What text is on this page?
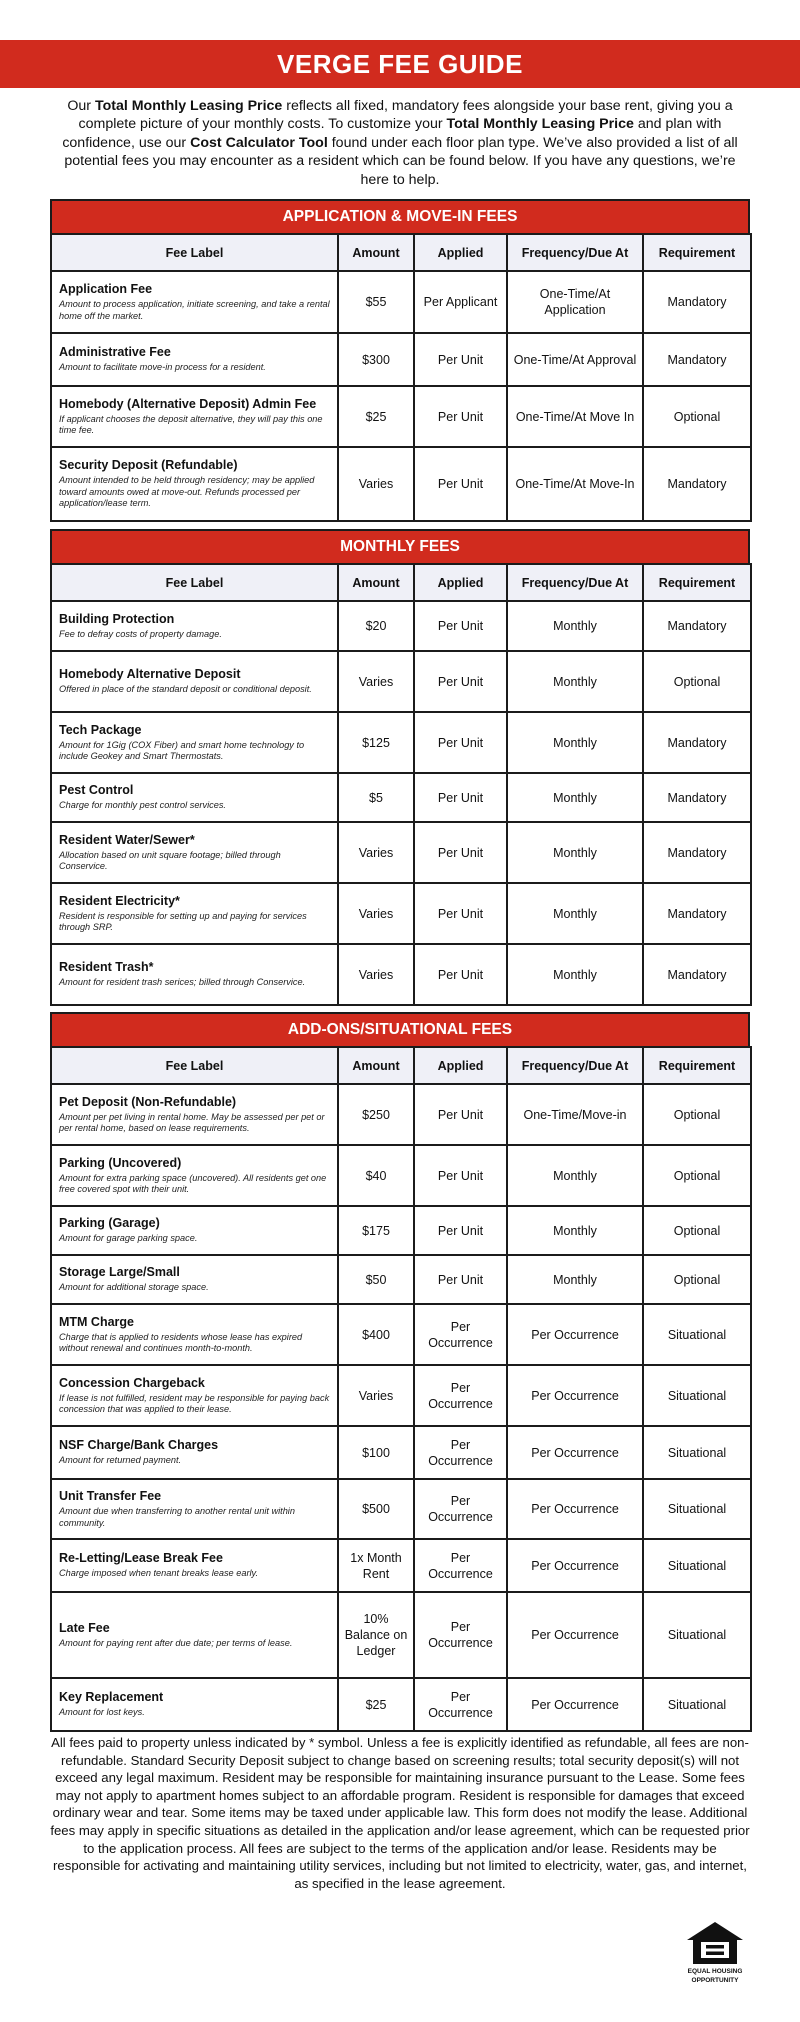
VERGE FEE GUIDE
Our Total Monthly Leasing Price reflects all fixed, mandatory fees alongside your base rent, giving you a complete picture of your monthly costs. To customize your Total Monthly Leasing Price and plan with confidence, use our Cost Calculator Tool found under each floor plan type. We’ve also provided a list of all potential fees you may encounter as a resident which can be found below. If you have any questions, we’re here to help.
APPLICATION & MOVE-IN FEES
Fee Label	Amount	Applied	Frequency/Due At	Requirement

Application Fee
Amount to process application, initiate screening, and take a rental home off the market.	$55	Per Applicant	One-Time/At Application	Mandatory

Administrative Fee
Amount to facilitate move-in process for a resident.	$300	Per Unit	One-Time/At Approval	Mandatory

Homebody (Alternative Deposit) Admin Fee
If applicant chooses the deposit alternative, they will pay this one time fee.	$25	Per Unit	One-Time/At Move In	Optional

Security Deposit (Refundable)
Amount intended to be held through residency; may be applied toward amounts owed at move-out. Refunds processed per application/lease term.	Varies	Per Unit	One-Time/At Move-In	Mandatory
MONTHLY FEES
Fee Label	Amount	Applied	Frequency/Due At	Requirement

Building Protection
Fee to defray costs of property damage.	$20	Per Unit	Monthly	Mandatory

Homebody Alternative Deposit
Offered in place of the standard deposit or conditional deposit.	Varies	Per Unit	Monthly	Optional

Tech Package
Amount for 1Gig (COX Fiber) and smart home technology to include Geokey and Smart Thermostats.	$125	Per Unit	Monthly	Mandatory

Pest Control
Charge for monthly pest control services.	$5	Per Unit	Monthly	Mandatory

Resident Water/Sewer*
Allocation based on unit square footage; billed through Conservice.	Varies	Per Unit	Monthly	Mandatory

Resident Electricity*
Resident is responsible for setting up and paying for services through SRP.	Varies	Per Unit	Monthly	Mandatory

Resident Trash*
Amount for resident trash serices; billed through Conservice.	Varies	Per Unit	Monthly	Mandatory
ADD-ONS/SITUATIONAL FEES
Fee Label	Amount	Applied	Frequency/Due At	Requirement

Pet Deposit (Non-Refundable)
Amount per pet living in rental home. May be assessed per pet or per rental home, based on lease requirements.	$250	Per Unit	One-Time/Move-in	Optional

Parking (Uncovered)
Amount for extra parking space (uncovered). All residents get one free covered spot with their unit.	$40	Per Unit	Monthly	Optional

Parking (Garage)
Amount for garage parking space.	$175	Per Unit	Monthly	Optional

Storage Large/Small
Amount for additional storage space.	$50	Per Unit	Monthly	Optional

MTM Charge
Charge that is applied to residents whose lease has expired without renewal and continues month-to-month.	$400	Per Occurrence	Per Occurrence	Situational

Concession Chargeback
If lease is not fulfilled, resident may be responsible for paying back concession that was applied to their lease.	Varies	Per Occurrence	Per Occurrence	Situational

NSF Charge/Bank Charges
Amount for returned payment.	$100	Per Occurrence	Per Occurrence	Situational

Unit Transfer Fee
Amount due when transferring to another rental unit within community.	$500	Per Occurrence	Per Occurrence	Situational

Re-Letting/Lease Break Fee
Charge imposed when tenant breaks lease early.	1x Month Rent	Per Occurrence	Per Occurrence	Situational

Late Fee
Amount for paying rent after due date; per terms of lease.	10% Balance on Ledger	Per Occurrence	Per Occurrence	Situational

Key Replacement
Amount for lost keys.	$25	Per Occurrence	Per Occurrence	Situational
All fees paid to property unless indicated by * symbol. Unless a fee is explicitly identified as refundable, all fees are non-refundable. Standard Security Deposit subject to change based on screening results; total security deposit(s) will not exceed any legal maximum. Resident may be responsible for maintaining insurance pursuant to the Lease. Some fees may not apply to apartment homes subject to an affordable program. Resident is responsible for damages that exceed ordinary wear and tear. Some items may be taxed under applicable law. This form does not modify the lease. Additional fees may apply in specific situations as detailed in the application and/or lease agreement, which can be requested prior to the application process. All fees are subject to the terms of the application and/or lease. Residents may be responsible for activating and maintaining utility services, including but not limited to electricity, water, gas, and internet, as specified in the lease agreement.
EQUAL HOUSING
OPPORTUNITY
